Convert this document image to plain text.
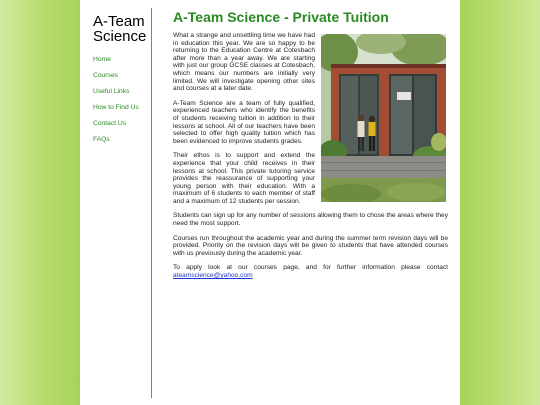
A-Team Science
Home
Courses
Useful Links
How to Find Us
Contact Us
FAQs
A-Team Science - Private Tuition

What a strange and unsettling time we have had in education this year. We are so happy to be returning to the Education Centre at Cotesbach after more than a year away. We are starting with just our group GCSE classes at Cotesbach, which means our numbers are initially very limited. We will investigate opening other sites and courses at a later date.

A-Team Science are a team of fully qualified, experienced teachers who identify the benefits of students receiving tuition in addition to their lessons at school. All of our teachers have been selected to offer high quality tuition which has been evidenced to improve students grades.

Their ethos is to support and extend the experience that your child receives in their lessons at school. This private tutoring service provides the reassurance of supporting your young person with their education. With a maximum of 6 students to each member of staff and a maximum of 12 students per session.

Students can sign up for any number of sessions allowing them to chose the areas where they need the most support.

Courses run throughout the academic year and during the summer term revision days will be provided. Priority on the revision days will be given to students that have attended courses with us previously during the academic year.

To apply look at our courses page, and for further information please contact ateamscience@yahoo.com
